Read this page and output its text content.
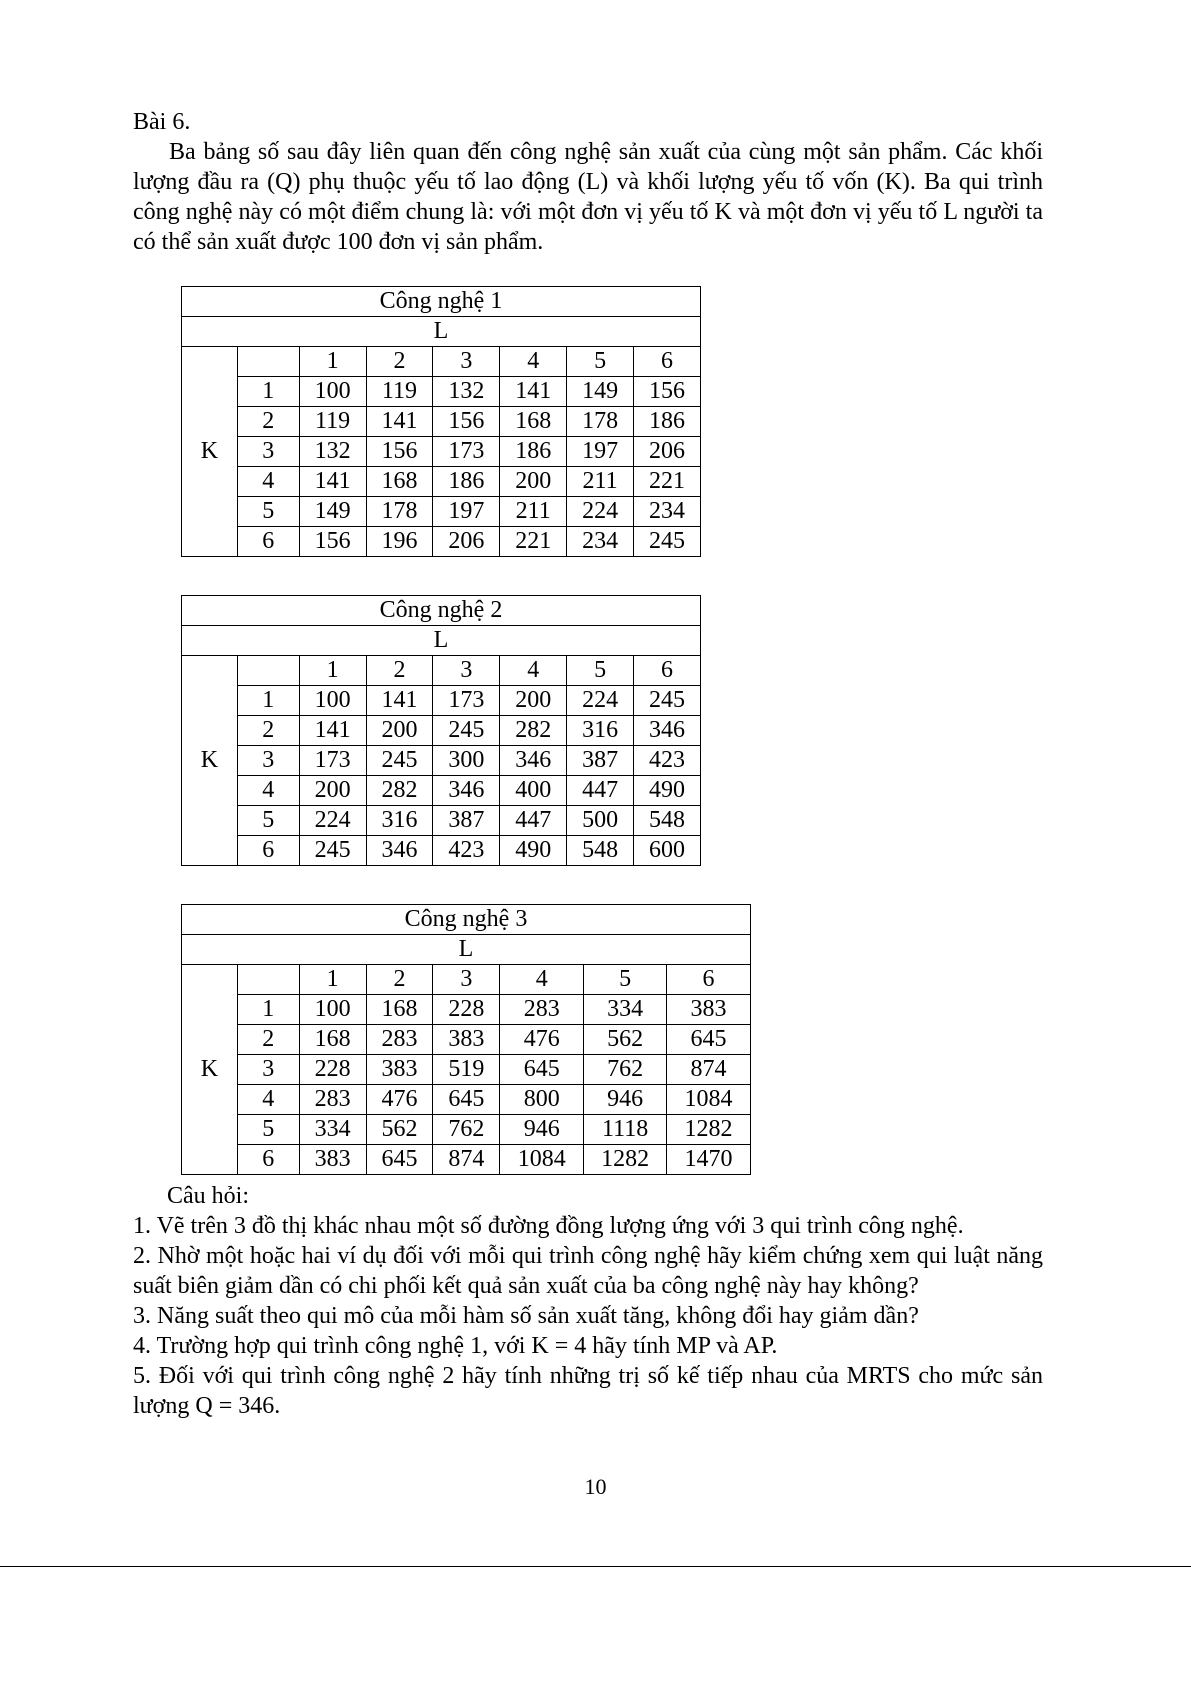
Bài 6.

Ba bảng số sau đây liên quan đến công nghệ sản xuất của cùng một sản phẩm. Các khối lượng đầu ra (Q) phụ thuộc yếu tố lao động (L) và khối lượng yếu tố vốn (K). Ba qui trình công nghệ này có một điểm chung là: với một đơn vị yếu tố K và một đơn vị yếu tố L người ta có thể sản xuất được 100 đơn vị sản phẩm.

Công nghệ 1							
L							
K		1	2	3	4	5	6
	1	100	119	132	141	149	156
	2	119	141	156	168	178	186
	3	132	156	173	186	197	206
	4	141	168	186	200	211	221
	5	149	178	197	211	224	234
	6	156	196	206	221	234	245
Công nghệ 2							
L							
K		1	2	3	4	5	6
	1	100	141	173	200	224	245
	2	141	200	245	282	316	346
	3	173	245	300	346	387	423
	4	200	282	346	400	447	490
	5	224	316	387	447	500	548
	6	245	346	423	490	548	600
Công nghệ 3							
L							
K		1	2	3	4	5	6
	1	100	168	228	283	334	383
	2	168	283	383	476	562	645
	3	228	383	519	645	762	874
	4	283	476	645	800	946	1084
	5	334	562	762	946	1118	1282
	6	383	645	874	1084	1282	1470
Câu hỏi:
1. Vẽ trên 3 đồ thị khác nhau một số đường đồng lượng ứng với 3 qui trình công nghệ.
2. Nhờ một hoặc hai ví dụ đối với mỗi qui trình công nghệ hãy kiểm chứng xem qui luật năng suất biên giảm dần có chi phối kết quả sản xuất của ba công nghệ này hay không?
3. Năng suất theo qui mô của mỗi hàm số sản xuất tăng, không đổi hay giảm dần?
4. Trường hợp qui trình công nghệ 1, với K = 4 hãy tính MP và AP.
5. Đối với qui trình công nghệ 2 hãy tính những trị số kế tiếp nhau của MRTS cho mức sản lượng Q = 346.
10
